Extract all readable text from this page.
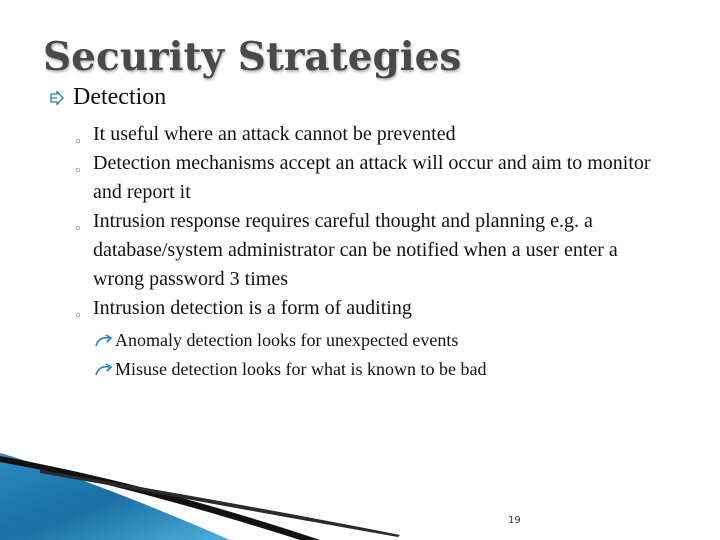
Security Strategies
Detection
◦ It useful where an attack cannot be prevented
◦ Detection mechanisms accept an attack will occur and aim to monitor and report it
◦ Intrusion response requires careful thought and planning e.g. a database/system administrator can be notified when a user enter a wrong password 3 times
◦ Intrusion detection is a form of auditing
Anomaly detection looks for unexpected events
Misuse detection looks for what is known to be bad
19
